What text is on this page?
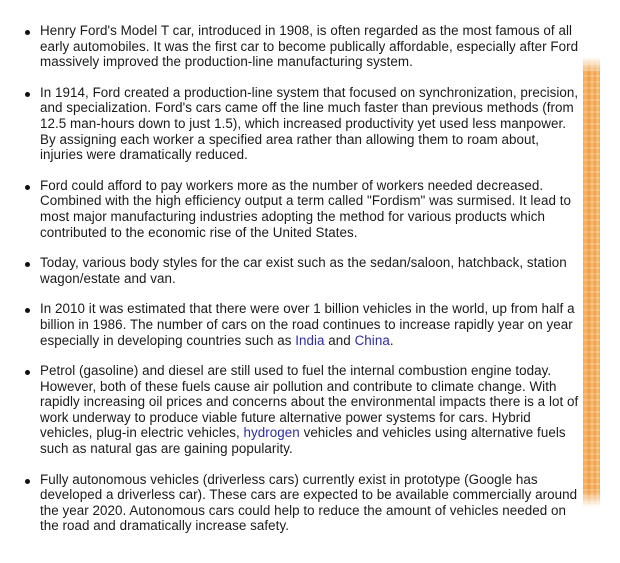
Henry Ford's Model T car, introduced in 1908, is often regarded as the most famous of all early automobiles. It was the first car to become publically affordable, especially after Ford massively improved the production-line manufacturing system.
In 1914, Ford created a production-line system that focused on synchronization, precision, and specialization. Ford's cars came off the line much faster than previous methods (from 12.5 man-hours down to just 1.5), which increased productivity yet used less manpower. By assigning each worker a specified area rather than allowing them to roam about, injuries were dramatically reduced.
Ford could afford to pay workers more as the number of workers needed decreased. Combined with the high efficiency output a term called "Fordism" was surmised. It lead to most major manufacturing industries adopting the method for various products which contributed to the economic rise of the United States.
Today, various body styles for the car exist such as the sedan/saloon, hatchback, station wagon/estate and van.
In 2010 it was estimated that there were over 1 billion vehicles in the world, up from half a billion in 1986. The number of cars on the road continues to increase rapidly year on year especially in developing countries such as India and China.
Petrol (gasoline) and diesel are still used to fuel the internal combustion engine today. However, both of these fuels cause air pollution and contribute to climate change. With rapidly increasing oil prices and concerns about the environmental impacts there is a lot of work underway to produce viable future alternative power systems for cars. Hybrid vehicles, plug-in electric vehicles, hydrogen vehicles and vehicles using alternative fuels such as natural gas are gaining popularity.
Fully autonomous vehicles (driverless cars) currently exist in prototype (Google has developed a driverless car). These cars are expected to be available commercially around the year 2020. Autonomous cars could help to reduce the amount of vehicles needed on the road and dramatically increase safety.
